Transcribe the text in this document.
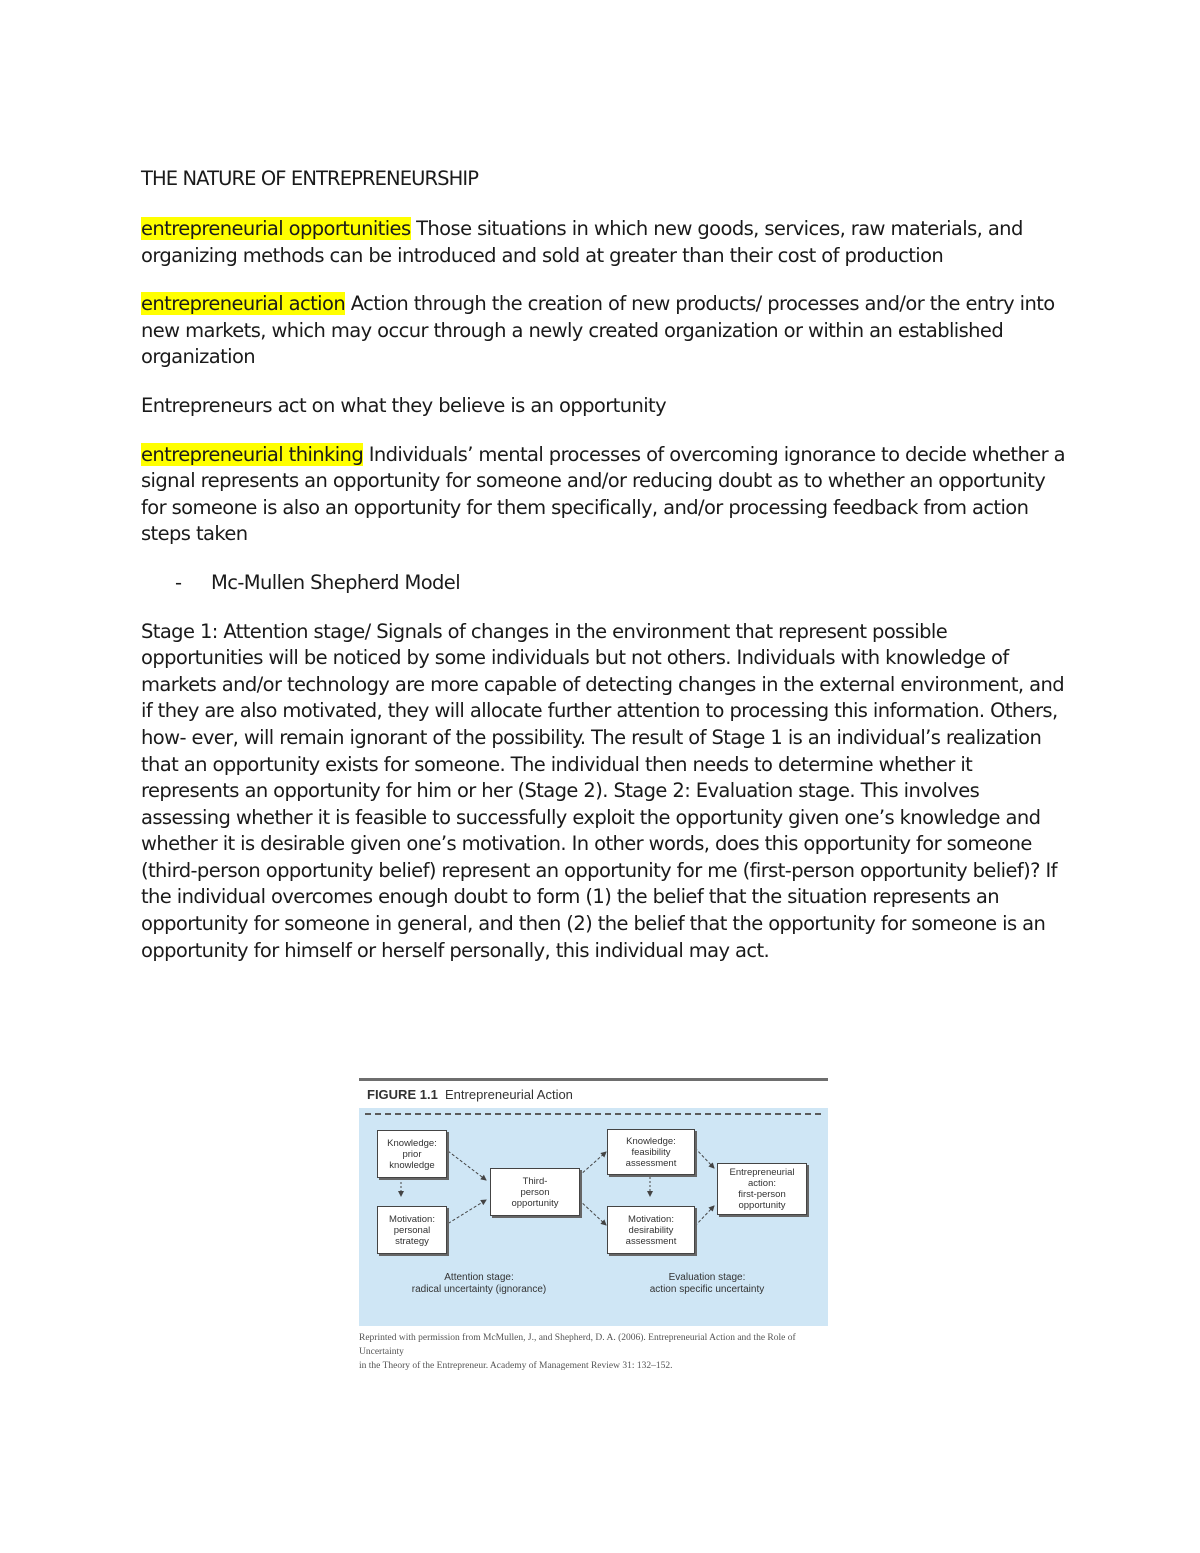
THE NATURE OF ENTREPRENEURSHIP

entrepreneurial opportunities Those situations in which new goods, services, raw materials, and organizing methods can be introduced and sold at greater than their cost of production

entrepreneurial action Action through the creation of new products/ processes and/or the entry into new markets, which may occur through a newly created organization or within an established organization

Entrepreneurs act on what they believe is an opportunity

entrepreneurial thinking Individuals’ mental processes of overcoming ignorance to decide whether a signal represents an opportunity for someone and/or reducing doubt as to whether an opportunity for someone is also an opportunity for them specifically, and/or processing feedback from action steps taken

- Mc-Mullen Shepherd Model

Stage 1: Attention stage/ Signals of changes in the environment that represent possible opportunities will be noticed by some individuals but not others. Individuals with knowledge of markets and/or technology are more capable of detecting changes in the external environment, and if they are also motivated, they will allocate further attention to processing this information. Others, how- ever, will remain ignorant of the possibility. The result of Stage 1 is an individual’s realization that an opportunity exists for someone. The individual then needs to determine whether it represents an opportunity for him or her (Stage 2). Stage 2: Evaluation stage. This involves assessing whether it is feasible to successfully exploit the opportunity given one’s knowledge and whether it is desirable given one’s motivation. In other words, does this opportunity for someone (third-person opportunity belief) represent an opportunity for me (first-person opportunity belief)? If the individual overcomes enough doubt to form (1) the belief that the situation represents an opportunity for someone in general, and then (2) the belief that the opportunity for someone is an opportunity for himself or herself personally, this individual may act.

FIGURE 1.1 Entrepreneurial Action
Knowledge:
prior
knowledge
Motivation:
personal
strategy
Third-
person
opportunity
Knowledge:
feasibility
assessment
Motivation:
desirability
assessment
Entrepreneurial
action:
first-person
opportunity
Attention stage:
radical uncertainty (ignorance)
Evaluation stage:
action specific uncertainty
Reprinted with permission from McMullen, J., and Shepherd, D. A. (2006). Entrepreneurial Action and the Role of Uncertainty
in the Theory of the Entrepreneur. Academy of Management Review 31: 132–152.
